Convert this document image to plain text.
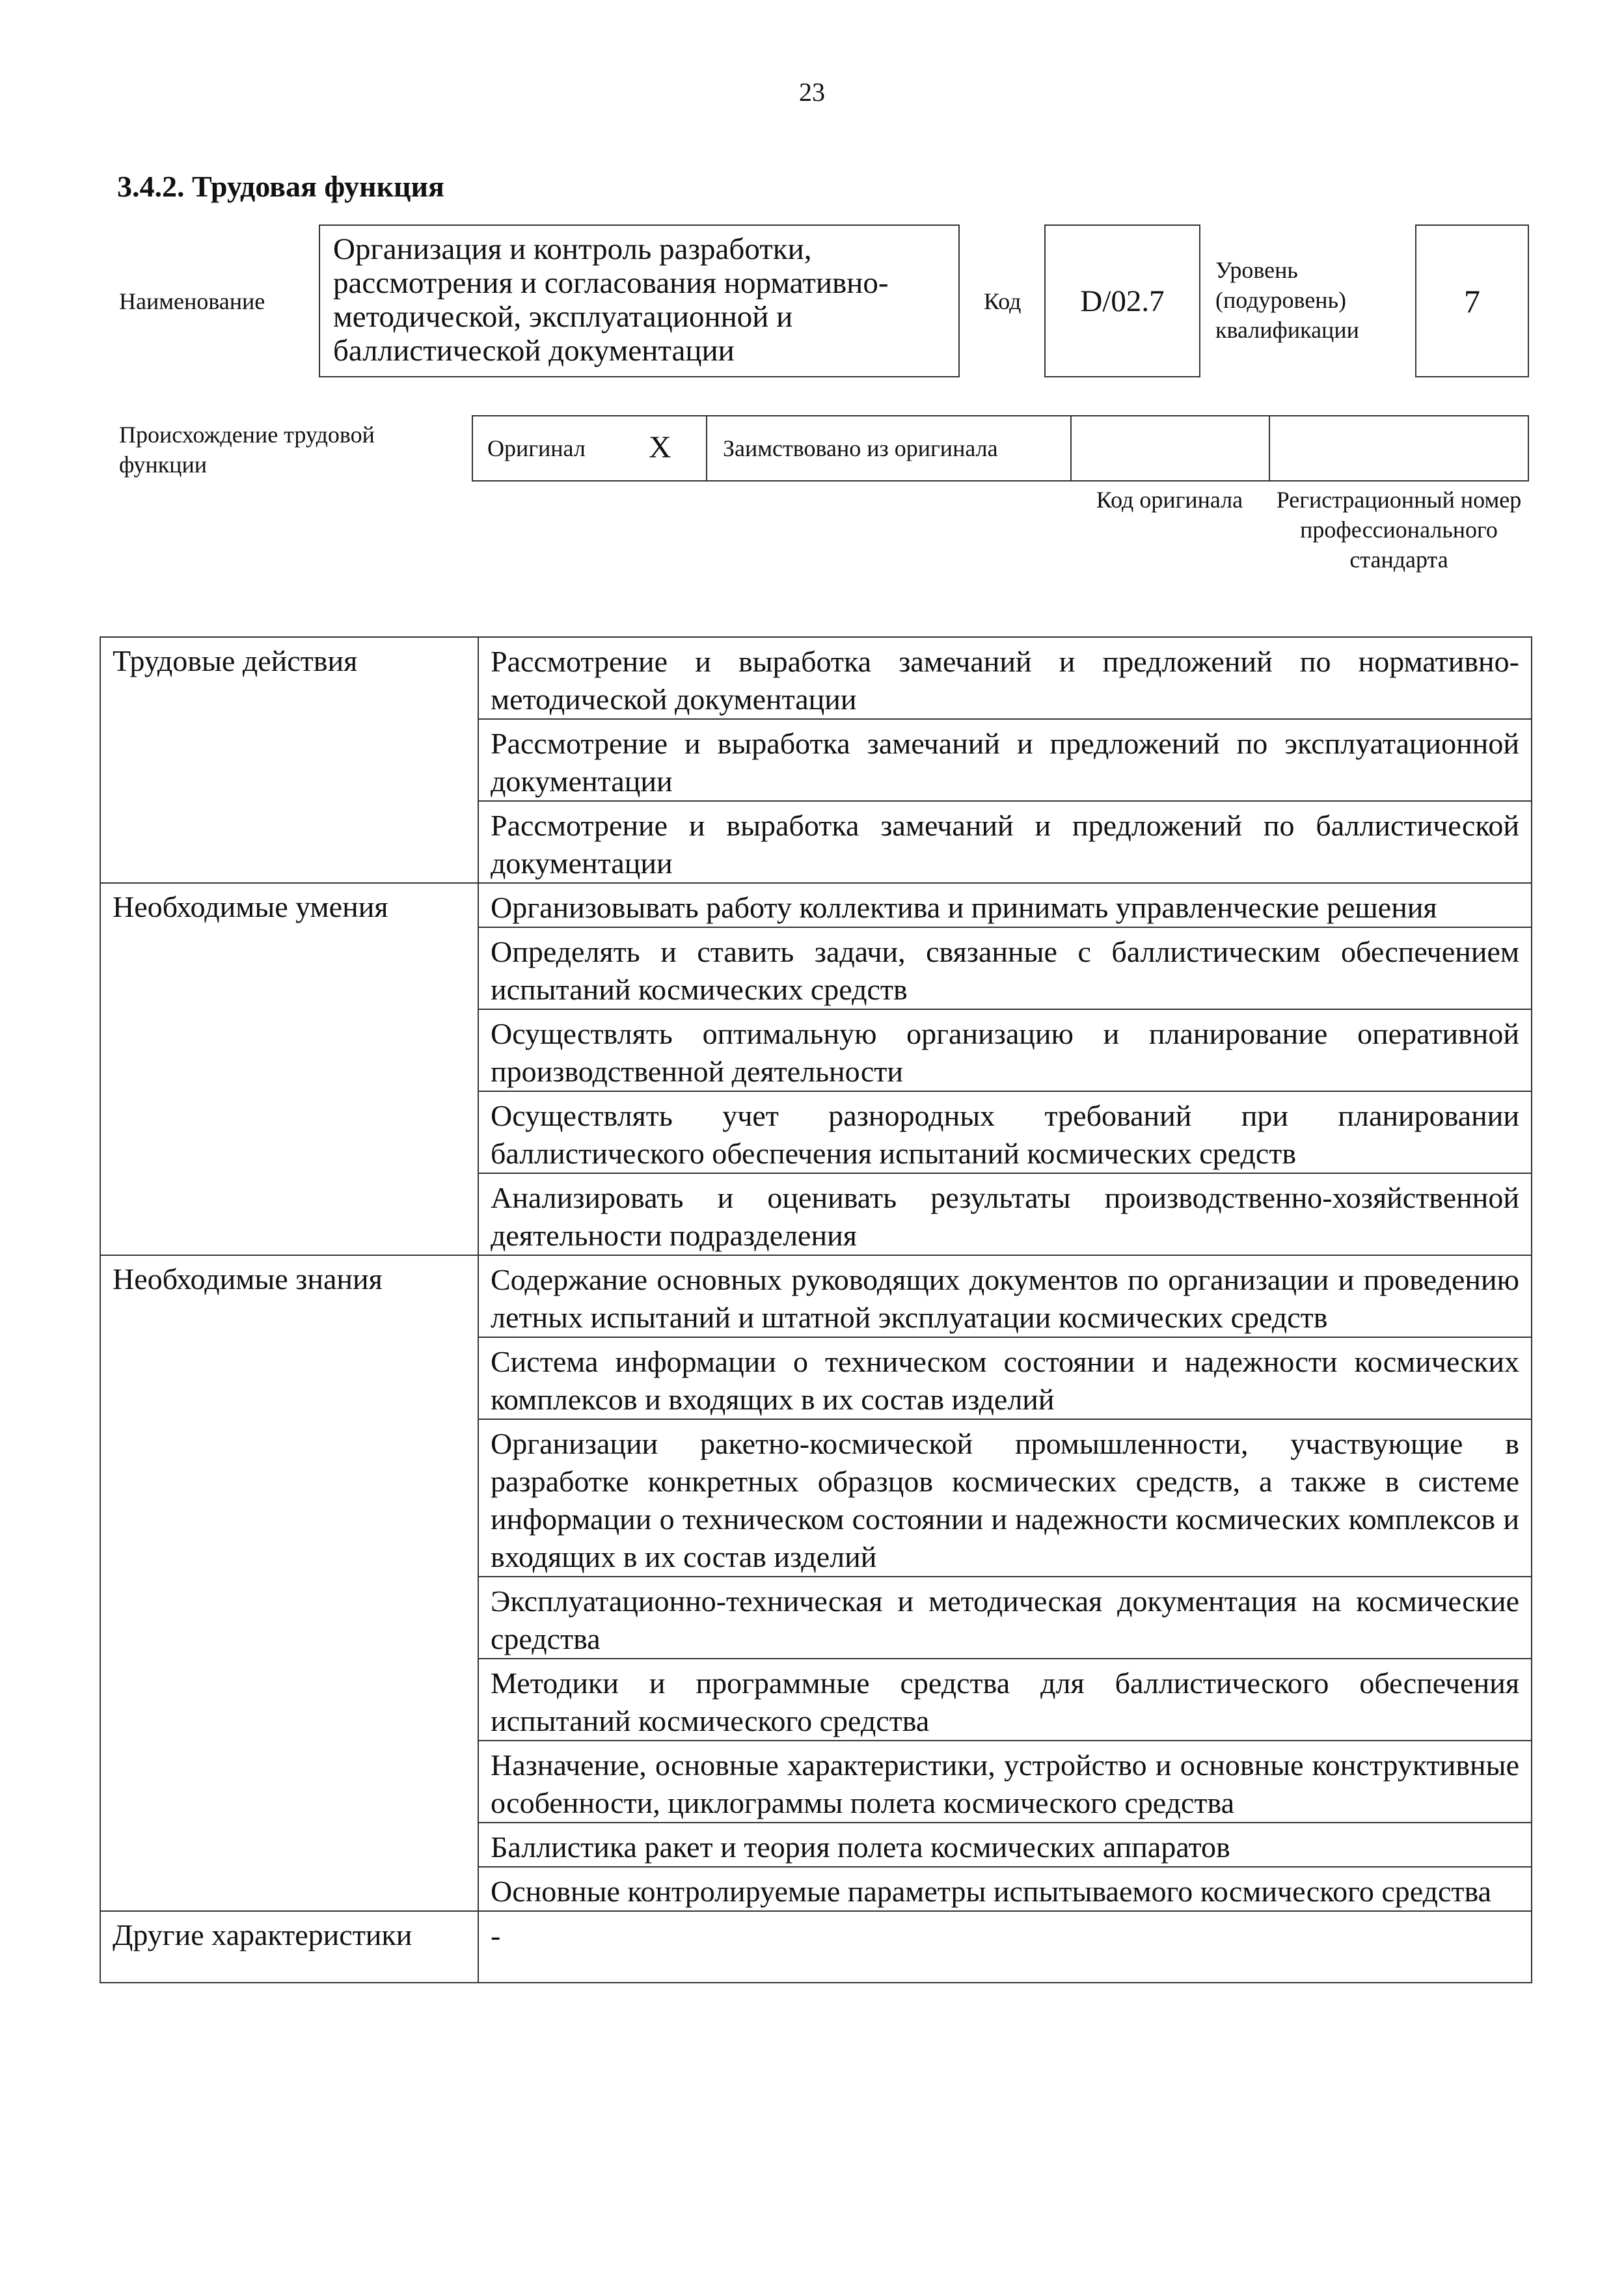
23
3.4.2. Трудовая функция
Наименование
Организация и контроль разработки, рассмотрения и согласования нормативно-методической, эксплуатационной и баллистической документации
Код D/02.7
Уровень (подуровень) квалификации
7
Происхождение трудовой функции
Оригинал X Заимствовано из оригинала
Код оригинала	Регистрационный номер профессионального стандарта
Трудовые действия	Рассмотрение и выработка замечаний и предложений по нормативно-методической документации
	Рассмотрение и выработка замечаний и предложений по эксплуатационной документации
	Рассмотрение и выработка замечаний и предложений по баллистической документации
Необходимые умения	Организовывать работу коллектива и принимать управленческие решения
	Определять и ставить задачи, связанные с баллистическим обеспечением испытаний космических средств
	Осуществлять оптимальную организацию и планирование оперативной производственной деятельности
	Осуществлять учет разнородных требований при планировании баллистического обеспечения испытаний космических средств
	Анализировать и оценивать результаты производственно-хозяйственной деятельности подразделения
Необходимые знания	Содержание основных руководящих документов по организации и проведению летных испытаний и штатной эксплуатации космических средств
	Система информации о техническом состоянии и надежности космических комплексов и входящих в их состав изделий
	Организации ракетно-космической промышленности, участвующие в разработке конкретных образцов космических средств, а также в системе информации о техническом состоянии и надежности космических комплексов и входящих в их состав изделий
	Эксплуатационно-техническая и методическая документация на космические средства
	Методики и программные средства для баллистического обеспечения испытаний космического средства
	Назначение, основные характеристики, устройство и основные конструктивные особенности, циклограммы полета космического средства
	Баллистика ракет и теория полета космических аппаратов
	Основные контролируемые параметры испытываемого космического средства
Другие характеристики	-
